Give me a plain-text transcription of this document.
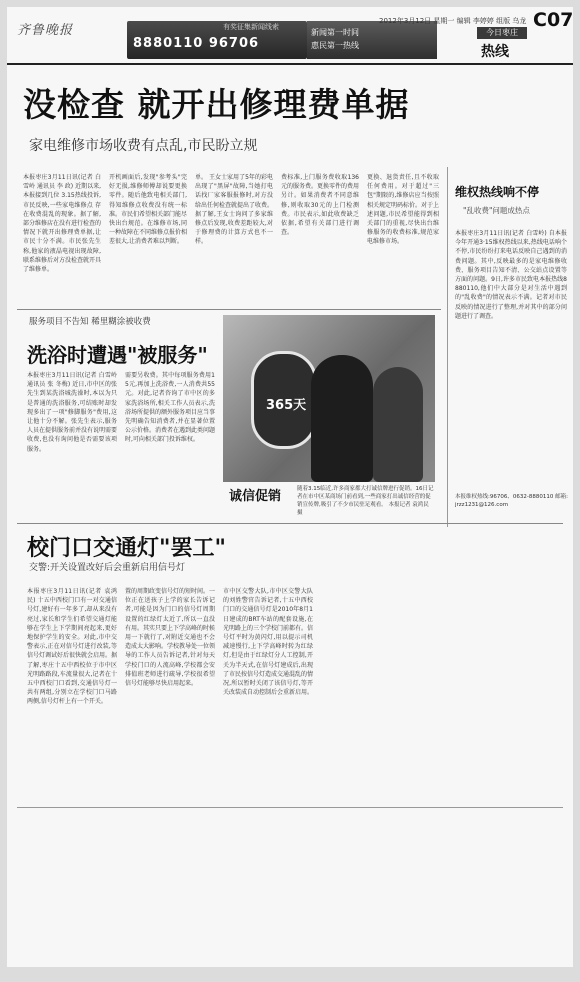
齐鲁晚报	有奖征集新闻线索
8880110 96706
新闻第一时间
惠民第一热线
2012年3月12日 星期一 编辑 李婷婷 组版 乌龙 C07
今日枣庄
热线
没检查 就开出修理费单据
家电维修市场收费有点乱,市民盼立规
本报枣庄3月11日讯(记者 白雪岭 通讯员 李 政) 近期以来,本报接到几位 3.15热线投诉,市民反映,一些家电维修点 存在收费混乱的现象。据了解,部分维修店在没有进行检查的情况下就开出修理费单据,让市民十分不满。市民张先生称,他家的液晶电视出现故障,联系维修后对方没检查就开具了维修单。
开机画面后,发现"参考头"完好无损,维修师傅却说要更换零件。随后他致电相关部门,得知维修点收费没有统一标准。市民们希望相关部门能尽快出台规范。在维修市场,同一种故障在不同维修点报价相差很大,让消费者难以判断。
单。 王女士家用了5年的彩电出现了"黑屏"故障,当她打电话找厂家客服报修时,对方没给出任何检查就提出了收费。据了解,王女士询问了多家维修点后发现,收费差距较大,对于修理费的计算方式也不一样。
费标准,上门服务费收取136元的服务费。更换零件的费用另计。如果消费者不同意维修,则收取30元的上门检测费。市民表示,如此收费缺乏依据,希望有关部门进行调查。
更换、退货责任,且不收取任何费用。对于超过"三包"期限的,维修店应当按照相关规定明码标价。对于上述问题,市民希望能得到相关部门的重视,尽快出台维修服务的收费标准,规范家电维修市场。
维权热线响不停
"乱收费"问题成热点
本报枣庄3月11日讯(记者 白雪岭) 自本报今年开通3·15维权热线以来,热线电话响个不停,市民纷纷打来电话反映自己遇到的消费问题。其中,反映最多的是家电维修收费、服务项目告知不清、公交站点设置等方面的问题。9日,许多市民致电本报热线8880110,他们中大部分是对生活中遇到的"乱收费"的情况表示不满。记者对市民反映的情况进行了整理,并对其中的部分问题进行了调查。
本报维权热线:96706、0632-8880110 邮箱:jrzz1231@126.com
服务项目不告知 稀里糊涂被收费
洗浴时遭遇"被服务"
本报枣庄3月11日讯(记者 白雪岭 通讯员 张 冬梅) 近日,市中区的张先生到某洗浴城洗澡时,本以为只是普通的洗浴服务,可结账时却发现多出了一项"修脚服务"费用,这让他十分不解。张先生表示,服务人员在提供服务前并没有说明需要收费,也没有询问他是否需要该项服务。
需要另收费。其中每项服务费用15元,再加上洗浴费,一人消费共55元。对此,记者咨询了市中区的多家洗浴场所,相关工作人员表示,洗浴场所提供的额外服务项目应当事先明确告知消费者,并在显著位置公示价格。消费者在遇到此类问题时,可向相关部门投诉维权。
365天
诚信促销	随着3.15临近,许多商家都大打诚信牌进行促销。16日记者在市中区某商场门前看到,一些商家打出诚信经营的促销宣传牌,吸引了不少市民驻足观看。 本报记者 袁鸿民 摄
校门口交通灯"罢工"
交警:开关设置改好后会重新启用信号灯
本报枣庄3月11日讯(记者 袁鸿民) 十五中西校门口有一对交通信号灯,建好有一年多了,却从来没有亮过,家长和学生们希望交通灯能够在学生上下学期间亮起来,更好地保护学生的安全。对此,市中交警表示,正在对信号灯进行改装,等信号灯调试好后很快就会启用。据了解,枣庄十五中西校位于市中区光明路路段,车流量很大,记者在十五中西校门口看到,交通信号灯一共有两组,分别立在学校门口马路两侧,信号灯杆上有一个开关。
置的周期政变信号灯的短时间。一位正在送孩子上学的家长告诉记者,可能是因为门口的信号灯周期设置的红绿灯太近了,所以一直没有用。其实只要上下学高峰的时候用一下就行了,对附近交通也不会造成太大影响。学校教导处一位领导的工作人员告诉记者,针对每天学校门口的人流高峰,学校都会安排值班老师进行疏导,学校很希望信号灯能够尽快启用起来。
市中区交警大队,市中区交警大队的刘姓警官告诉记者,十五中西校门口的交通信号灯是2010年8月1日建成的BRT车站的配套设施,在光明路上的三个学校门前都有。信号灯平时为黄闪灯,用以提示司机减速慢行,上下学高峰时转为红绿灯,但是由于红绿灯分人工控制,开关为半天式,在信号灯建成后,出现了市民按信号灯造成交通混乱的情况,所以暂时关闭了该信号灯,等开关改装成自动控制后会重新启用。
